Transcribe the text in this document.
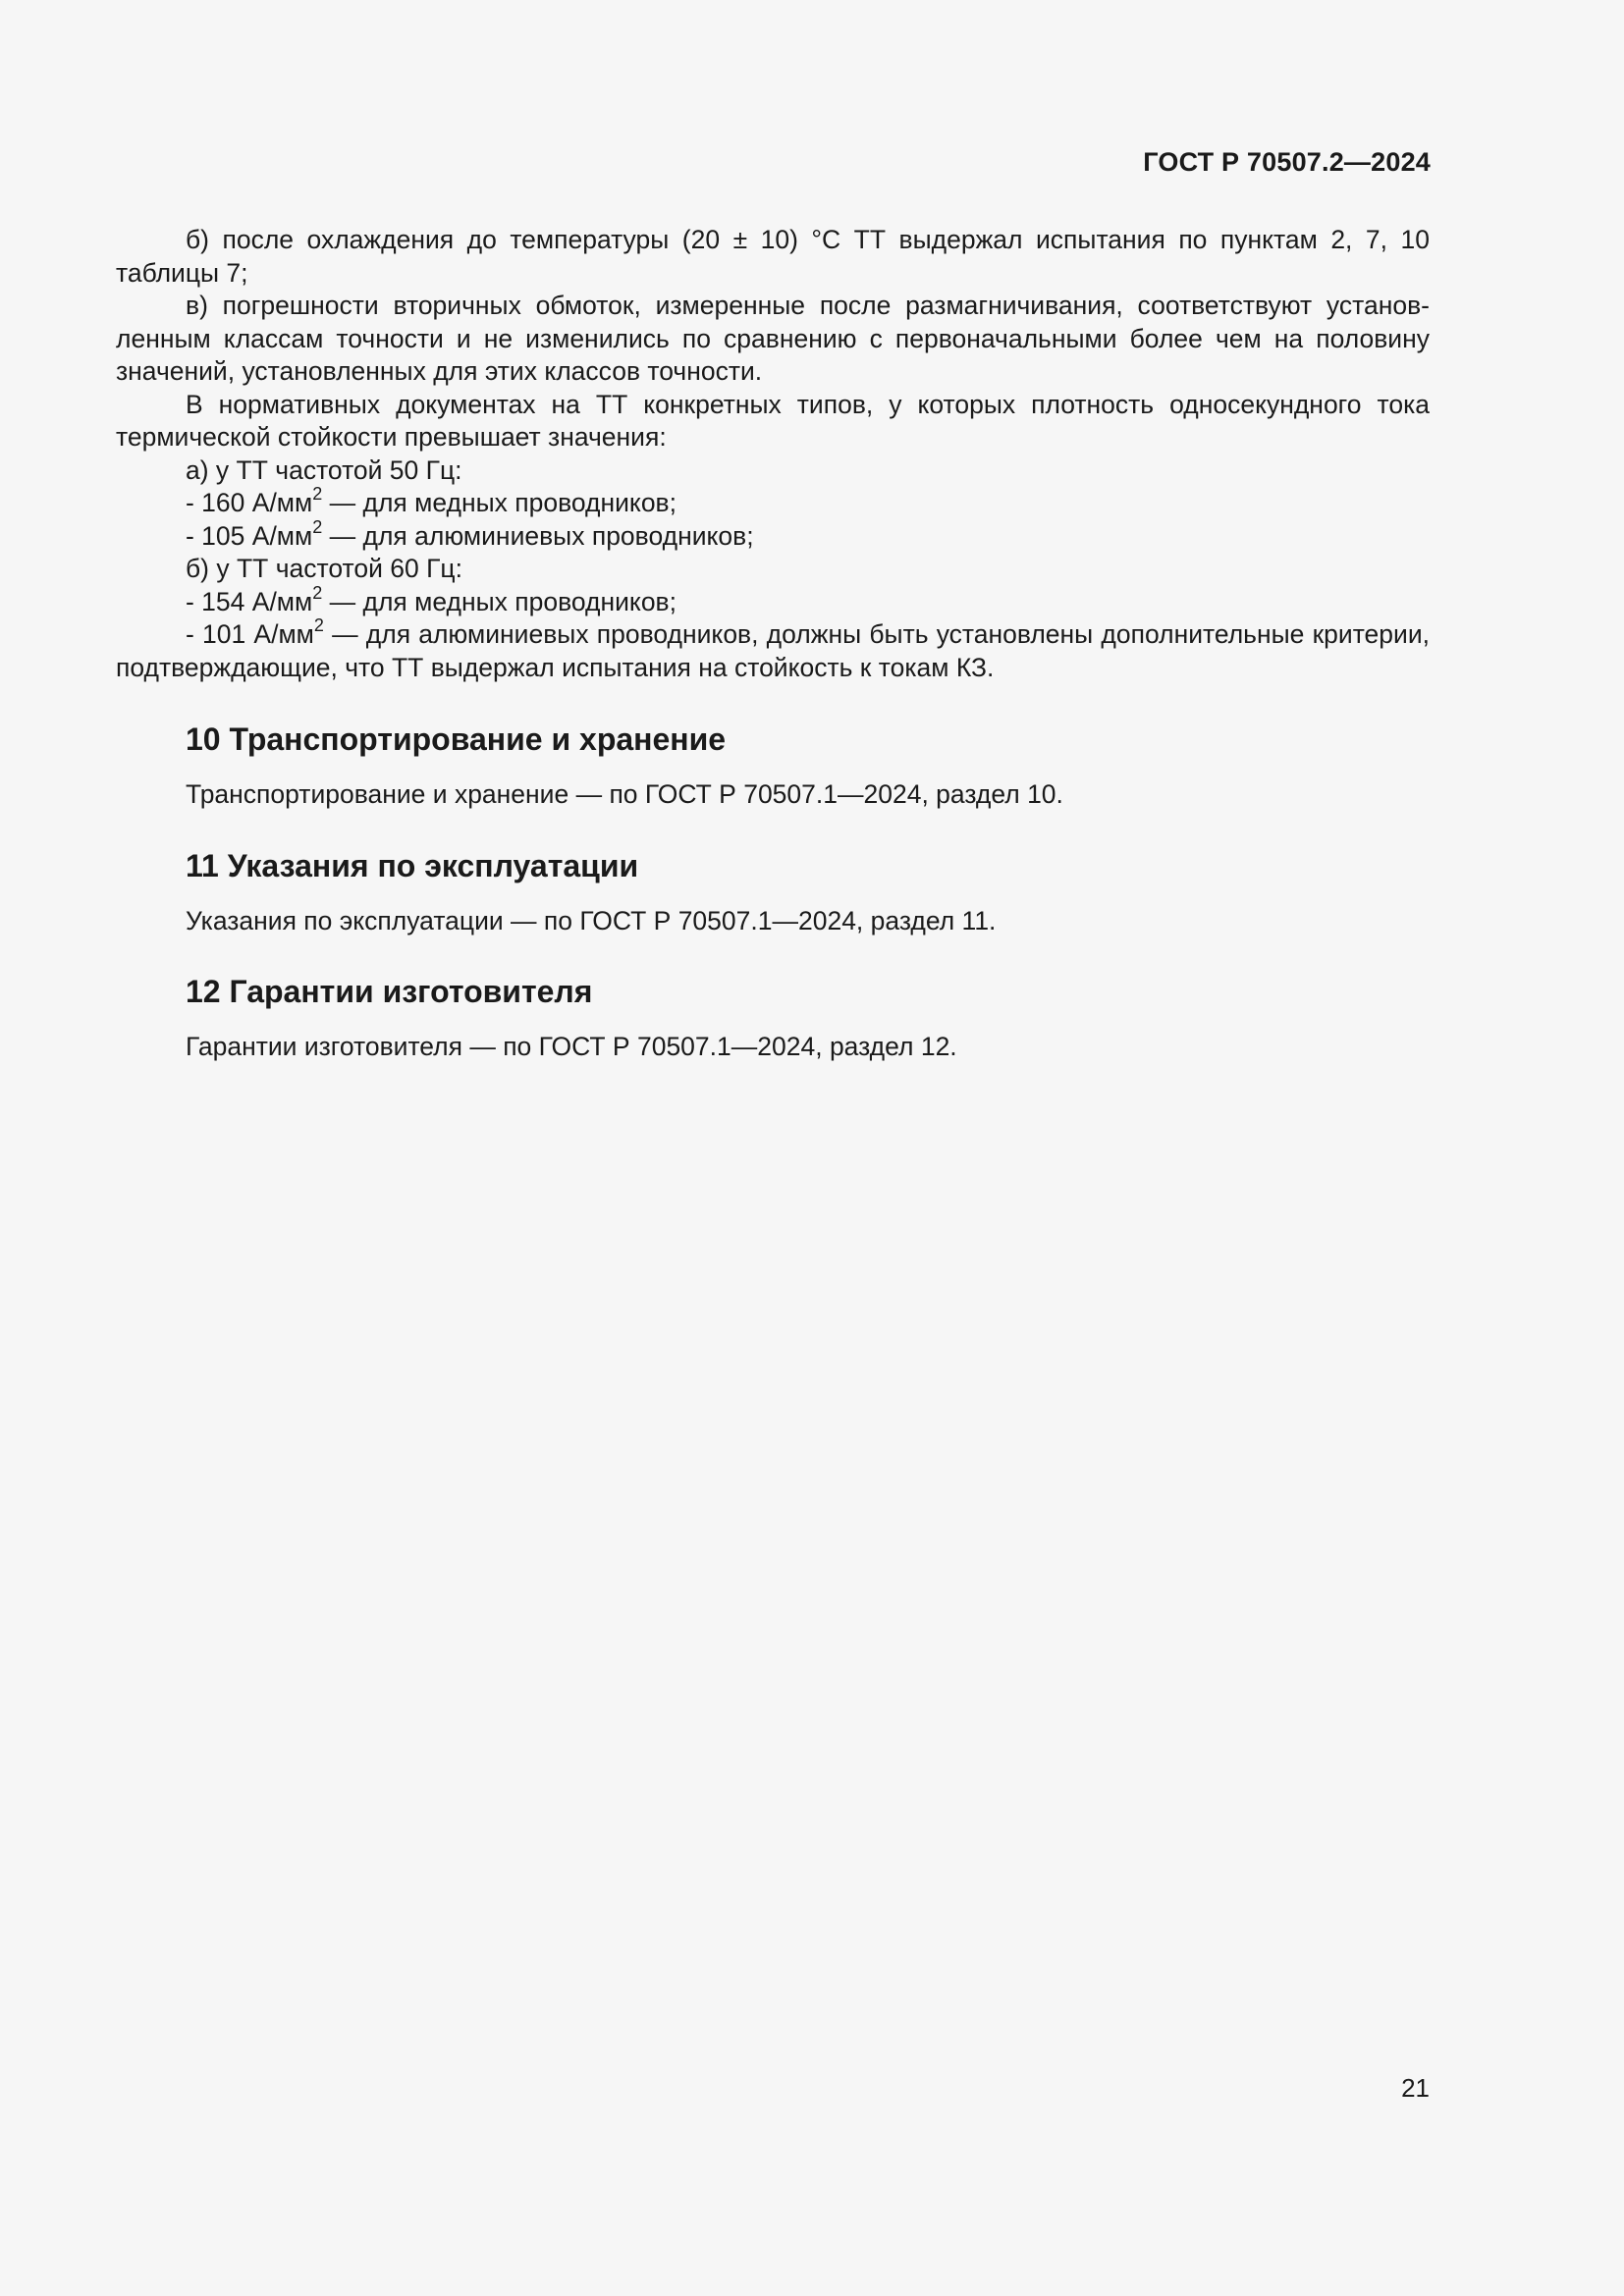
ГОСТ Р 70507.2—2024

б) после охлаждения до температуры (20 ± 10) °С ТТ выдержал испытания по пунктам 2, 7, 10 таблицы 7;

в) погрешности вторичных обмоток, измеренные после размагничивания, соответствуют установленным классам точности и не изменились по сравнению с первоначальными более чем на половину значений, установленных для этих классов точности.

В нормативных документах на ТТ конкретных типов, у которых плотность односекундного тока термической стойкости превышает значения:

а) у ТТ частотой 50 Гц:

- 160 $А/мм^2$ — для медных проводников;

- 105 $А/мм^2$ — для алюминиевых проводников;

б) у ТТ частотой 60 Гц:

- 154 $А/мм^2$ — для медных проводников;

- 101 $А/мм^2$ — для алюминиевых проводников, должны быть установлены дополнительные критерии, подтверждающие, что ТТ выдержал испытания на стойкость к токам КЗ.

10 Транспортирование и хранение

Транспортирование и хранение — по ГОСТ Р 70507.1—2024, раздел 10.

11 Указания по эксплуатации

Указания по эксплуатации — по ГОСТ Р 70507.1—2024, раздел 11.

12 Гарантии изготовителя

Гарантии изготовителя — по ГОСТ Р 70507.1—2024, раздел 12.

21
